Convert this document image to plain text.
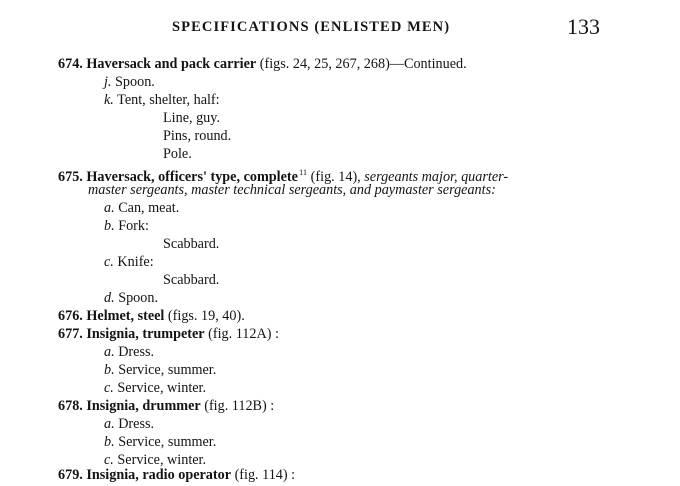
SPECIFICATIONS (ENLISTED MEN)	133
674. Haversack and pack carrier (figs. 24, 25, 267, 268)—Continued.
j. Spoon.
k. Tent, shelter, half:
Line, guy.
Pins, round.
Pole.
675. Haversack, officers' type, complete$^{11}$ (fig. 14), sergeants major, quarter-
master sergeants, master technical sergeants, and paymaster sergeants:
a. Can, meat.
b. Fork:
Scabbard.
c. Knife:
Scabbard.
d. Spoon.
676. Helmet, steel (figs. 19, 40).
677. Insignia, trumpeter (fig. 112A) :
a. Dress.
b. Service, summer.
c. Service, winter.
678. Insignia, drummer (fig. 112B) :
a. Dress.
b. Service, summer.
c. Service, winter.
679. Insignia, radio operator (fig. 114) :
